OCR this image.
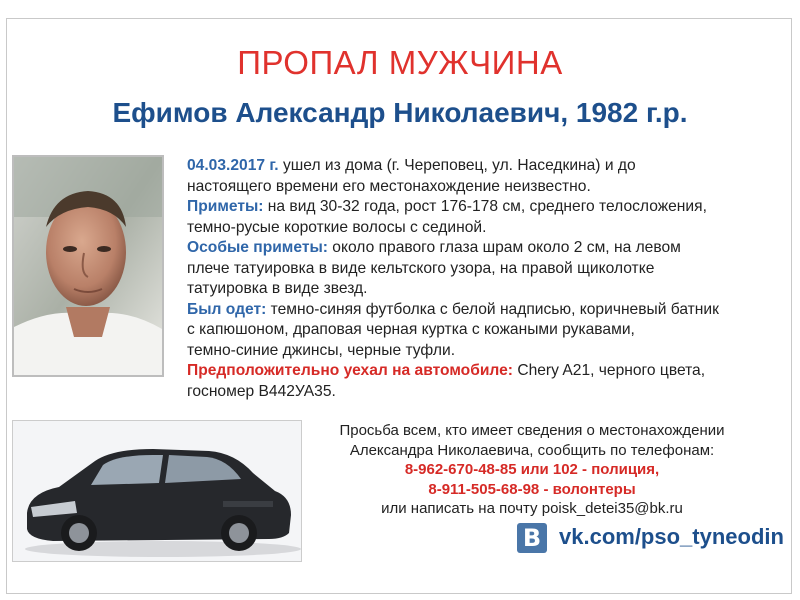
ПРОПАЛ МУЖЧИНА
Ефимов Александр Николаевич, 1982 г.р.
04.03.2017 г. ушел из дома (г. Череповец, ул. Наседкина) и до
настоящего времени его местонахождение неизвестно.
Приметы: на вид 30-32 года, рост 176-178 см, среднего телосложения,
темно-русые короткие волосы с сединой.
Особые приметы: около правого глаза шрам около 2 см, на левом
плече татуировка в виде кельтского узора, на правой щиколотке
татуировка в виде звезд.
Был одет: темно-синяя футболка с белой надписью, коричневый батник
с капюшоном, драповая черная куртка с кожаными рукавами,
темно-синие джинсы, черные туфли.
Предположительно уехал на автомобиле: Chery A21, черного цвета,
госномер В442УА35.
Просьба всем, кто имеет сведения о местонахождении
Александра Николаевича, сообщить по телефонам:
8-962-670-48-85 или 102 - полиция,
8-911-505-68-98 - волонтеры
или написать на почту poisk_detei35@bk.ru
В vk.com/pso_tyneodin
